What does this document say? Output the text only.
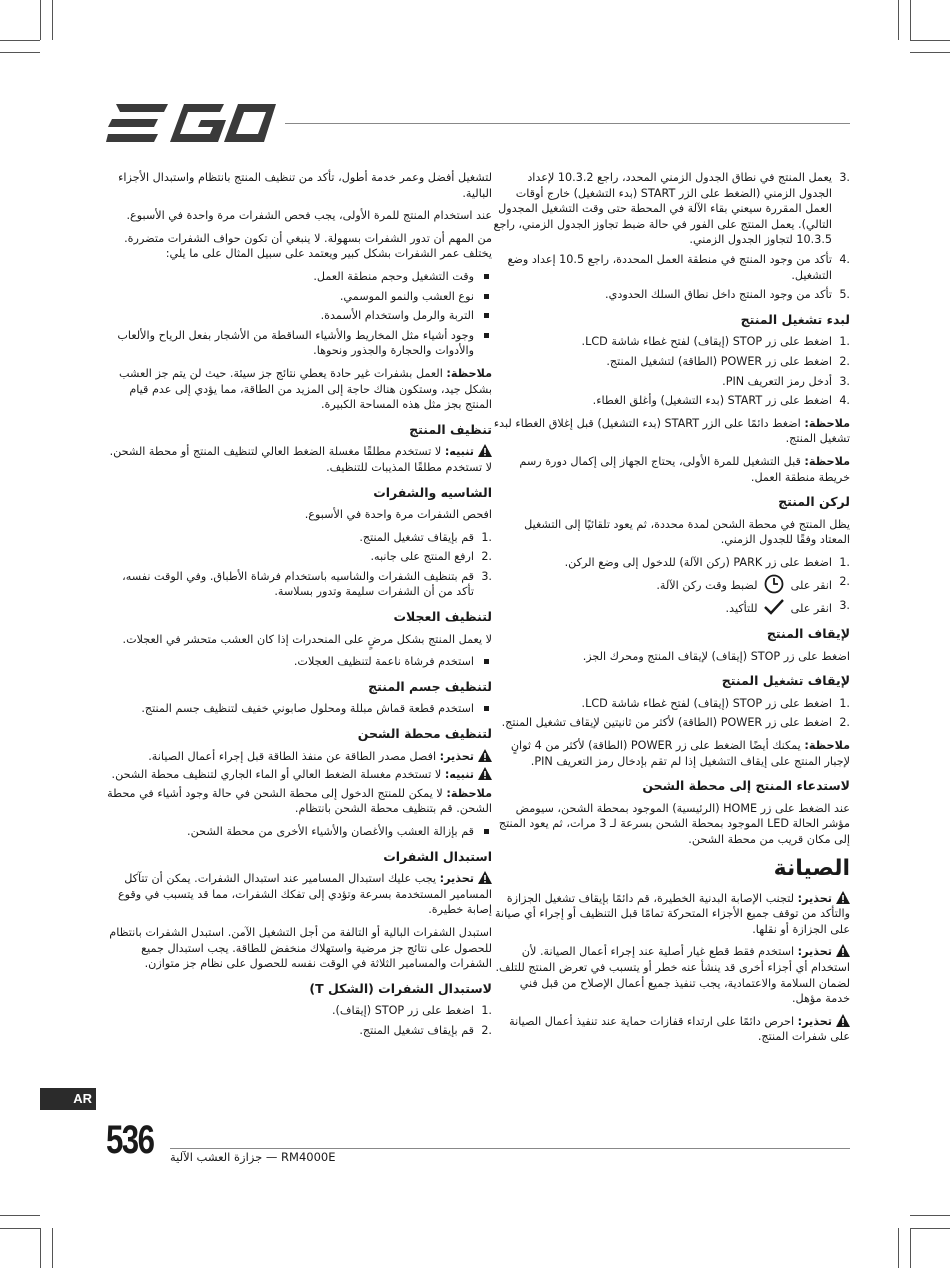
3.
يعمل المنتج في نطاق الجدول الزمني المحدد، راجع 10.3.2 لإعداد الجدول الزمني (الضغط على الزر START (بدء التشغيل) خارج أوقات العمل المقررة سيعني بقاء الآلة في المحطة حتى وقت التشغيل المجدول التالي). يعمل المنتج على الفور في حالة ضبط تجاوز الجدول الزمني، راجع 10.3.5 لتجاوز الجدول الزمني.
4.
تأكد من وجود المنتج في منطقة العمل المحددة، راجع 10.5 إعداد وضع التشغيل.
5.
تأكد من وجود المنتج داخل نطاق السلك الحدودي.
لبدء تشغيل المنتج
1.
اضغط على زر STOP (إيقاف) لفتح غطاء شاشة LCD.
2.
اضغط على زر POWER (الطاقة) لتشغيل المنتج.
3.
أدخل رمز التعريف PIN.
4.
اضغط على زر START (بدء التشغيل) وأغلق الغطاء.

ملاحظة: اضغط دائمًا على الزر START (بدء التشغيل) قبل إغلاق الغطاء لبدء تشغيل المنتج.

ملاحظة: قبل التشغيل للمرة الأولى، يحتاج الجهاز إلى إكمال دورة رسم خريطة منطقة العمل.

لركن المنتج

يظل المنتج في محطة الشحن لمدة محددة، ثم يعود تلقائيًا إلى التشغيل المعتاد وفقًا للجدول الزمني.

1.
اضغط على زر PARK (ركن الآلة) للدخول إلى وضع الركن.
2.
انقر على  لضبط وقت ركن الآلة.
3.
انقر على  للتأكيد.
لإيقاف المنتج

اضغط على زر STOP (إيقاف) لإيقاف المنتج ومحرك الجز.

لإيقاف تشغيل المنتج
1.
اضغط على زر STOP (إيقاف) لفتح غطاء شاشة LCD.
2.
اضغط على زر POWER (الطاقة) لأكثر من ثانيتين لإيقاف تشغيل المنتج.

ملاحظة: يمكنك أيضًا الضغط على زر POWER (الطاقة) لأكثر من 4 ثوانٍ لإجبار المنتج على إيقاف التشغيل إذا لم تقم بإدخال رمز التعريف PIN.

لاستدعاء المنتج إلى محطة الشحن

عند الضغط على زر HOME (الرئيسية) الموجود بمحطة الشحن، سيومض مؤشر الحالة LED الموجود بمحطة الشحن بسرعة لـ 3 مرات، ثم يعود المنتج إلى مكان قريب من محطة الشحن.

الصيانة

تحذير: لتجنب الإصابة البدنية الخطيرة، قم دائمًا بإيقاف تشغيل الجزازة والتأكد من توقف جميع الأجزاء المتحركة تمامًا قبل التنظيف أو إجراء أي صيانة على الجزازة أو نقلها.

تحذير: استخدم فقط قطع غيار أصلية عند إجراء أعمال الصيانة. لأن استخدام أي أجزاء أخرى قد ينشأ عنه خطر أو يتسبب في تعرض المنتج للتلف. لضمان السلامة والاعتمادية، يجب تنفيذ جميع أعمال الإصلاح من قبل فني خدمة مؤهل.

تحذير: احرص دائمًا على ارتداء قفازات حماية عند تنفيذ أعمال الصيانة على شفرات المنتج.

لتشغيل أفضل وعمر خدمة أطول، تأكد من تنظيف المنتج بانتظام واستبدال الأجزاء البالية.

عند استخدام المنتج للمرة الأولى، يجب فحص الشفرات مرة واحدة في الأسبوع.

من المهم أن تدور الشفرات بسهولة. لا ينبغي أن تكون حواف الشفرات متضررة. يختلف عمر الشفرات بشكل كبير ويعتمد على سبيل المثال على ما يلي:

وقت التشغيل وحجم منطقة العمل.
نوع العشب والنمو الموسمي.
التربة والرمل واستخدام الأسمدة.
وجود أشياء مثل المخاريط والأشياء الساقطة من الأشجار بفعل الرياح والألعاب والأدوات والحجارة والجذور ونحوها.

ملاحظة: العمل بشفرات غير حادة يعطي نتائج جز سيئة. حيث لن يتم جز العشب بشكل جيد، وستكون هناك حاجة إلى المزيد من الطاقة، مما يؤدي إلى عدم قيام المنتج بجز مثل هذه المساحة الكبيرة.

تنظيف المنتج

تنبيه: لا تستخدم مطلقًا مغسلة الضغط العالي لتنظيف المنتج أو محطة الشحن. لا تستخدم مطلقًا المذيبات للتنظيف.

الشاسيه والشفرات

افحص الشفرات مرة واحدة في الأسبوع.

1.
قم بإيقاف تشغيل المنتج.
2.
ارفع المنتج على جانبه.
3.
قم بتنظيف الشفرات والشاسيه باستخدام فرشاة الأطباق. وفي الوقت نفسه، تأكد من أن الشفرات سليمة وتدور بسلاسة.
لتنظيف العجلات

لا يعمل المنتج بشكل مرضٍ على المنحدرات إذا كان العشب متحشر في العجلات.

استخدم فرشاة ناعمة لتنظيف العجلات.
لتنظيف جسم المنتج
استخدم قطعة قماش مبللة ومحلول صابوني خفيف لتنظيف جسم المنتج.
لتنظيف محطة الشحن

تحذير: افصل مصدر الطاقة عن منفذ الطاقة قبل إجراء أعمال الصيانة.

تنبيه: لا تستخدم مغسلة الضغط العالي أو الماء الجاري لتنظيف محطة الشحن.

ملاحظة: لا يمكن للمنتج الدخول إلى محطة الشحن في حالة وجود أشياء في محطة الشحن. قم بتنظيف محطة الشحن بانتظام.

قم بإزالة العشب والأغصان والأشياء الأخرى من محطة الشحن.
استبدال الشفرات

تحذير: يجب عليك استبدال المسامير عند استبدال الشفرات. يمكن أن تتآكل المسامير المستخدمة بسرعة وتؤدي إلى تفكك الشفرات، مما قد يتسبب في وقوع إصابة خطيرة.

استبدل الشفرات البالية أو التالفة من أجل التشغيل الآمن. استبدل الشفرات بانتظام للحصول على نتائج جز مرضية واستهلاك منخفض للطاقة. يجب استبدال جميع الشفرات والمسامير الثلاثة في الوقت نفسه للحصول على نظام جز متوازن.

لاستبدال الشفرات (الشكل T)
1.
اضغط على زر STOP (إيقاف).
2.
قم بإيقاف تشغيل المنتج.
AR
536 RM4000E — جزازة العشب الآلية
